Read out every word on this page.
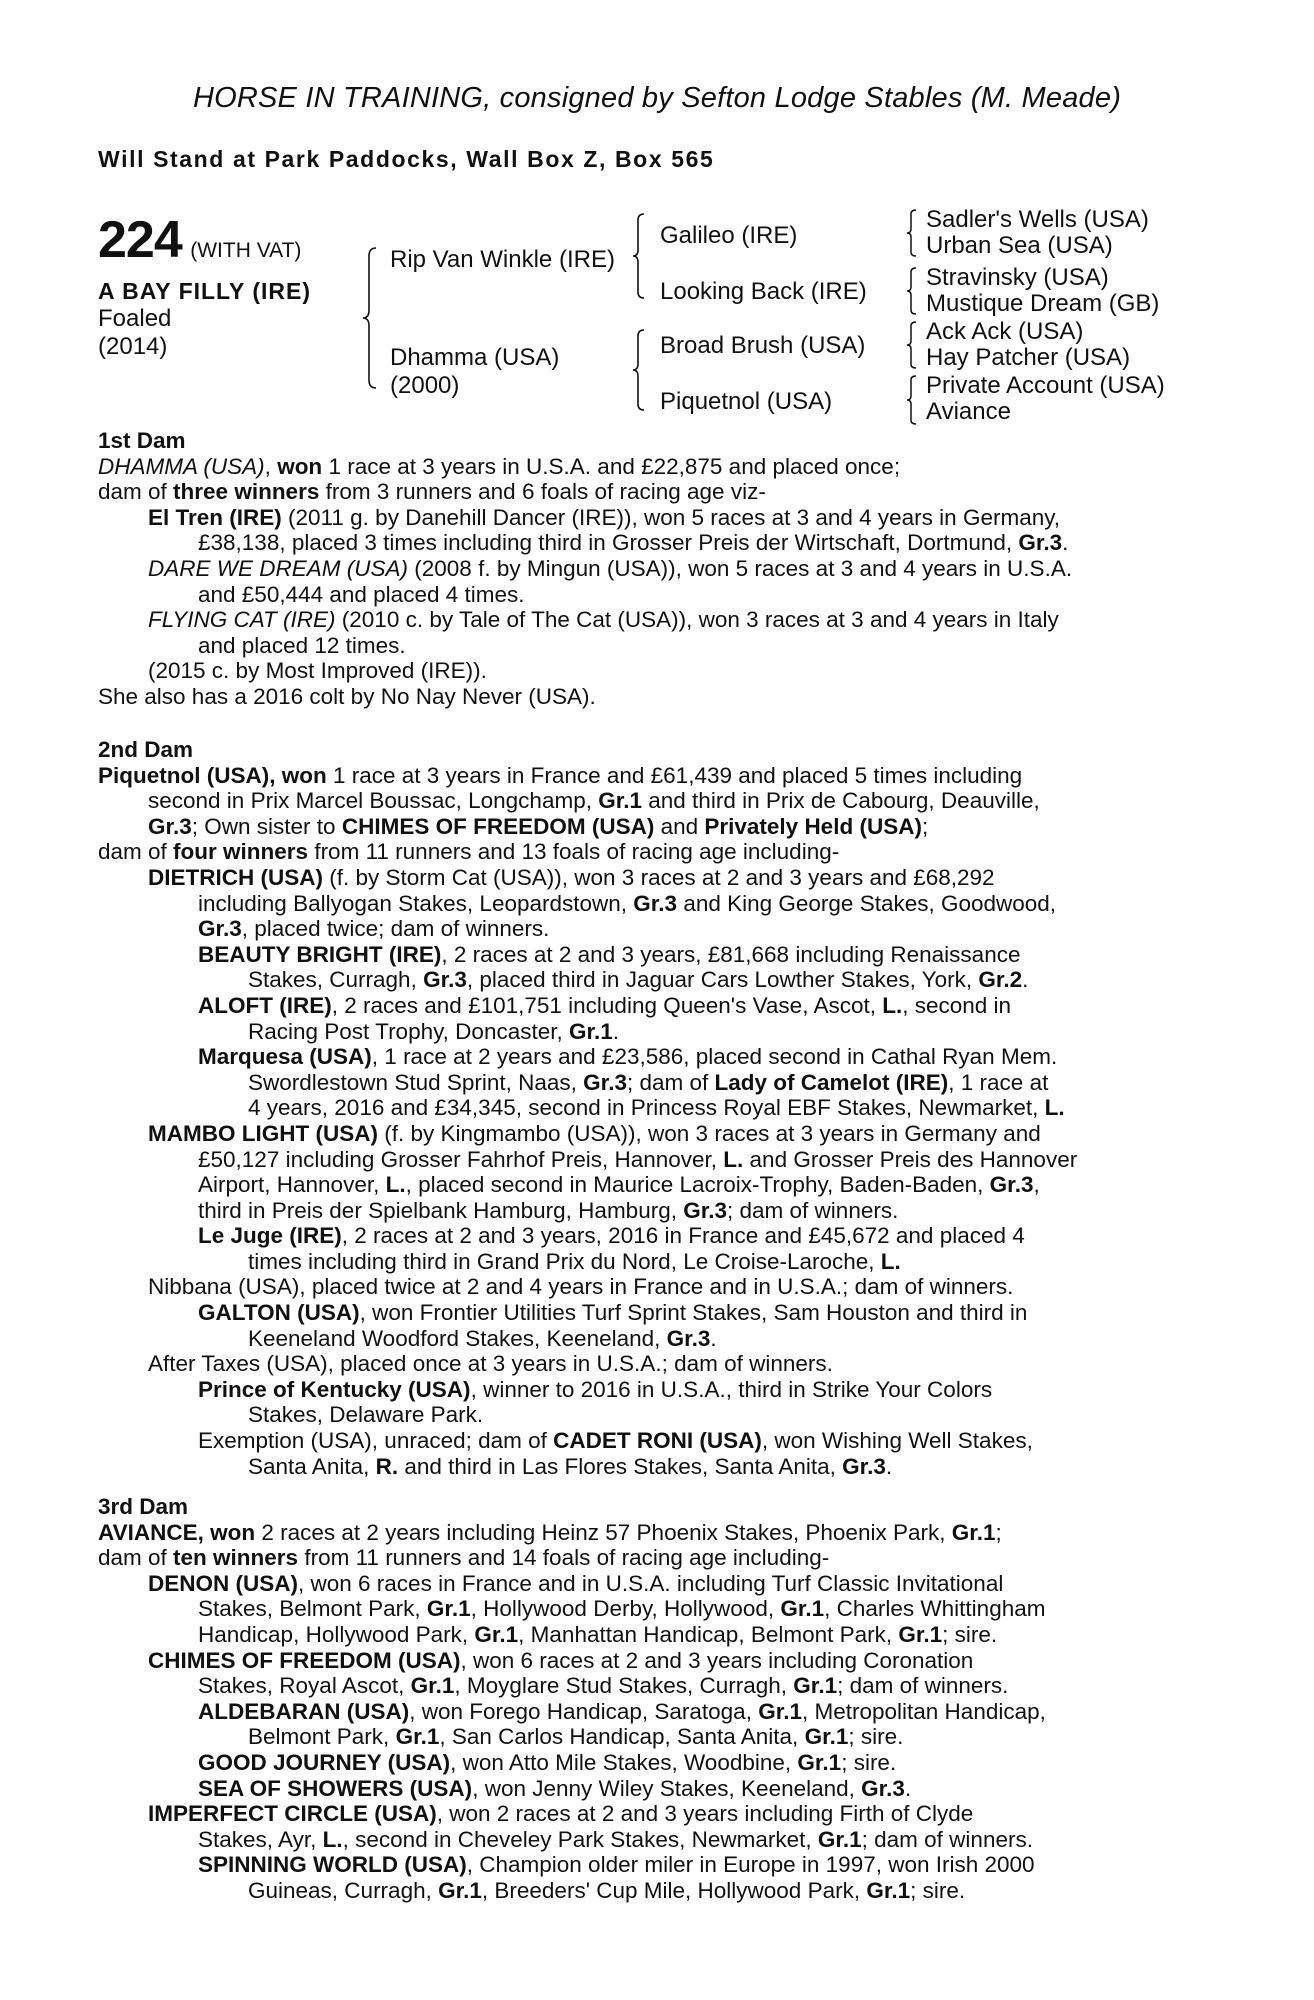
HORSE IN TRAINING, consigned by Sefton Lodge Stables (M. Meade)
Will Stand at Park Paddocks, Wall Box Z, Box 565
224 (WITH VAT)
A BAY FILLY (IRE)
Foaled
(2014)
Rip Van Winkle (IRE)
Dhamma (USA)
(2000)
Galileo (IRE)
Looking Back (IRE)
Broad Brush (USA)
Piquetnol (USA)
Sadler's Wells (USA)
Urban Sea (USA)
Stravinsky (USA)
Mustique Dream (GB)
Ack Ack (USA)
Hay Patcher (USA)
Private Account (USA)
Aviance
1st Dam
DHAMMA (USA), won 1 race at 3 years in U.S.A. and £22,875 and placed once;
dam of three winners from 3 runners and 6 foals of racing age viz-
El Tren (IRE) (2011 g. by Danehill Dancer (IRE)), won 5 races at 3 and 4 years in Germany,
£38,138, placed 3 times including third in Grosser Preis der Wirtschaft, Dortmund, Gr.3.
DARE WE DREAM (USA) (2008 f. by Mingun (USA)), won 5 races at 3 and 4 years in U.S.A.
and £50,444 and placed 4 times.
FLYING CAT (IRE) (2010 c. by Tale of The Cat (USA)), won 3 races at 3 and 4 years in Italy
and placed 12 times.
(2015 c. by Most Improved (IRE)).
She also has a 2016 colt by No Nay Never (USA).
2nd Dam
Piquetnol (USA), won 1 race at 3 years in France and £61,439 and placed 5 times including
second in Prix Marcel Boussac, Longchamp, Gr.1 and third in Prix de Cabourg, Deauville,
Gr.3; Own sister to CHIMES OF FREEDOM (USA) and Privately Held (USA);
dam of four winners from 11 runners and 13 foals of racing age including-
DIETRICH (USA) (f. by Storm Cat (USA)), won 3 races at 2 and 3 years and £68,292
including Ballyogan Stakes, Leopardstown, Gr.3 and King George Stakes, Goodwood,
Gr.3, placed twice; dam of winners.
BEAUTY BRIGHT (IRE), 2 races at 2 and 3 years, £81,668 including Renaissance
Stakes, Curragh, Gr.3, placed third in Jaguar Cars Lowther Stakes, York, Gr.2.
ALOFT (IRE), 2 races and £101,751 including Queen's Vase, Ascot, L., second in
Racing Post Trophy, Doncaster, Gr.1.
Marquesa (USA), 1 race at 2 years and £23,586, placed second in Cathal Ryan Mem.
Swordlestown Stud Sprint, Naas, Gr.3; dam of Lady of Camelot (IRE), 1 race at
4 years, 2016 and £34,345, second in Princess Royal EBF Stakes, Newmarket, L.
MAMBO LIGHT (USA) (f. by Kingmambo (USA)), won 3 races at 3 years in Germany and
£50,127 including Grosser Fahrhof Preis, Hannover, L. and Grosser Preis des Hannover
Airport, Hannover, L., placed second in Maurice Lacroix-Trophy, Baden-Baden, Gr.3,
third in Preis der Spielbank Hamburg, Hamburg, Gr.3; dam of winners.
Le Juge (IRE), 2 races at 2 and 3 years, 2016 in France and £45,672 and placed 4
times including third in Grand Prix du Nord, Le Croise-Laroche, L.
Nibbana (USA), placed twice at 2 and 4 years in France and in U.S.A.; dam of winners.
GALTON (USA), won Frontier Utilities Turf Sprint Stakes, Sam Houston and third in
Keeneland Woodford Stakes, Keeneland, Gr.3.
After Taxes (USA), placed once at 3 years in U.S.A.; dam of winners.
Prince of Kentucky (USA), winner to 2016 in U.S.A., third in Strike Your Colors
Stakes, Delaware Park.
Exemption (USA), unraced; dam of CADET RONI (USA), won Wishing Well Stakes,
Santa Anita, R. and third in Las Flores Stakes, Santa Anita, Gr.3.
3rd Dam
AVIANCE, won 2 races at 2 years including Heinz 57 Phoenix Stakes, Phoenix Park, Gr.1;
dam of ten winners from 11 runners and 14 foals of racing age including-
DENON (USA), won 6 races in France and in U.S.A. including Turf Classic Invitational
Stakes, Belmont Park, Gr.1, Hollywood Derby, Hollywood, Gr.1, Charles Whittingham
Handicap, Hollywood Park, Gr.1, Manhattan Handicap, Belmont Park, Gr.1; sire.
CHIMES OF FREEDOM (USA), won 6 races at 2 and 3 years including Coronation
Stakes, Royal Ascot, Gr.1, Moyglare Stud Stakes, Curragh, Gr.1; dam of winners.
ALDEBARAN (USA), won Forego Handicap, Saratoga, Gr.1, Metropolitan Handicap,
Belmont Park, Gr.1, San Carlos Handicap, Santa Anita, Gr.1; sire.
GOOD JOURNEY (USA), won Atto Mile Stakes, Woodbine, Gr.1; sire.
SEA OF SHOWERS (USA), won Jenny Wiley Stakes, Keeneland, Gr.3.
IMPERFECT CIRCLE (USA), won 2 races at 2 and 3 years including Firth of Clyde
Stakes, Ayr, L., second in Cheveley Park Stakes, Newmarket, Gr.1; dam of winners.
SPINNING WORLD (USA), Champion older miler in Europe in 1997, won Irish 2000
Guineas, Curragh, Gr.1, Breeders' Cup Mile, Hollywood Park, Gr.1; sire.
